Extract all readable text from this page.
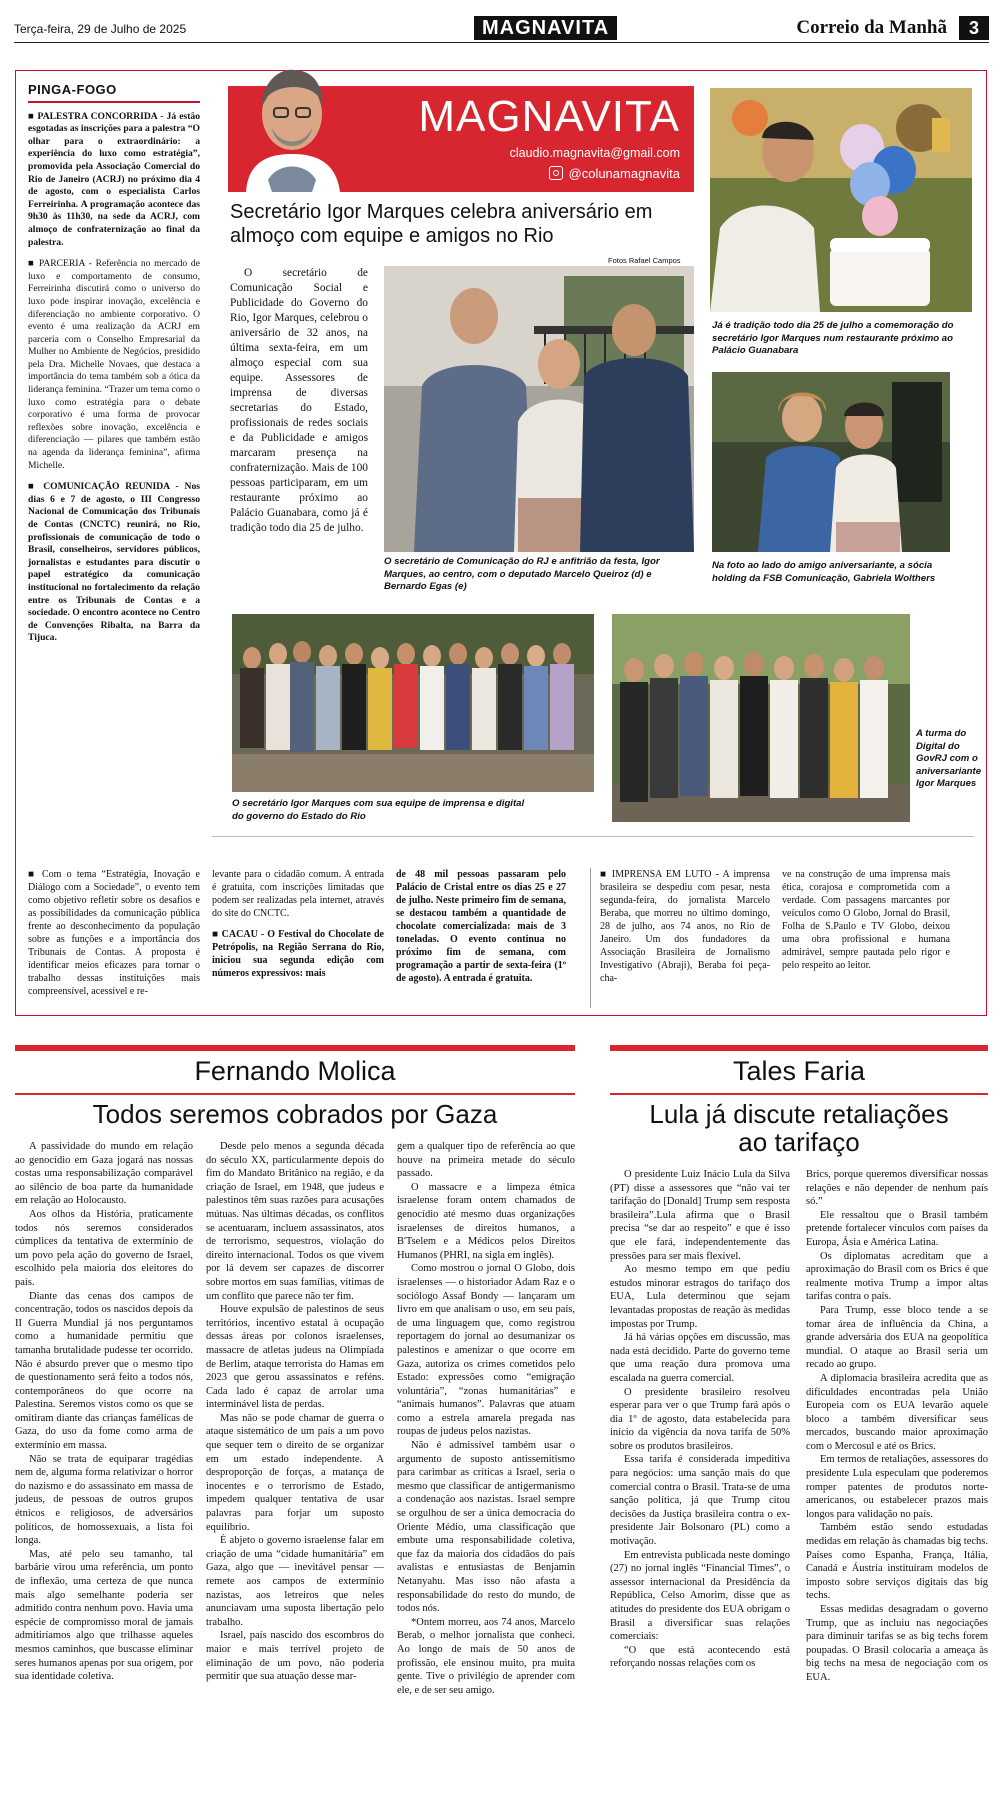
Terça-feira, 29 de Julho de 2025	MAGNAVITA	Correio da Manhã	3
PINGA-FOGO

■ PALESTRA CONCORRIDA - Já estão esgotadas as inscrições para a palestra “O olhar para o extraordinário: a experiência do luxo como estratégia”, promovida pela Associação Comercial do Rio de Janeiro (ACRJ) no próximo dia 4 de agosto, com o especialista Carlos Ferreirinha. A programação acontece das 9h30 às 11h30, na sede da ACRJ, com almoço de confraternização ao final da palestra.

■ PARCERIA - Referência no mercado de luxo e comportamento de consumo, Ferreirinha discutirá como o universo do luxo pode inspirar inovação, excelência e diferenciação no ambiente corporativo. O evento é uma realização da ACRJ em parceria com o Conselho Empresarial da Mulher no Ambiente de Negócios, presidido pela Dra. Michelle Novaes, que destaca a importância do tema também sob a ótica da liderança feminina. “Trazer um tema como o luxo como estratégia para o debate corporativo é uma forma de provocar reflexões sobre inovação, excelência e diferenciação — pilares que também estão na agenda da liderança feminina”, afirma Michelle.

■ COMUNICAÇÃO REUNIDA - Nos dias 6 e 7 de agosto, o III Congresso Nacional de Comunicação dos Tribunais de Contas (CNCTC) reunirá, no Rio, profissionais de comunicação de todo o Brasil, conselheiros, servidores públicos, jornalistas e estudantes para discutir o papel estratégico da comunicação institucional no fortalecimento da relação entre os Tribunais de Contas e a sociedade. O encontro acontece no Centro de Convenções Ribalta, na Barra da Tijuca.

MAGNAVITA
claudio.magnavita@gmail.com
@colunamagnavita
Secretário Igor Marques celebra aniversário em almoço com equipe e amigos no Rio
Fotos Rafael Campos
O secretário de Comunicação Social e Publicidade do Governo do Rio, Igor Marques, celebrou o aniversário de 32 anos, na última sexta-feira, em um almoço especial com sua equipe. Assessores de imprensa de diversas secretarias do Estado, profissionais de redes sociais e da Publicidade e amigos marcaram presença na confraternização. Mais de 100 pessoas participaram, em um restaurante próximo ao Palácio Guanabara, como já é tradição todo dia 25 de julho.
O secretário de Comunicação do RJ e anfitrião da festa, Igor Marques, ao centro, com o deputado Marcelo Queiroz (d) e Bernardo Egas (e)
Já é tradição todo dia 25 de julho a comemoração do secretário Igor Marques num restaurante próximo ao Palácio Guanabara
Na foto ao lado do amigo aniversariante, a sócia holding da FSB Comunicação, Gabriela Wolthers
O secretário Igor Marques com sua equipe de imprensa e digital do governo do Estado do Rio
A turma do Digital do GovRJ com o aniversariante Igor Marques

■ Com o tema “Estratégia, Inovação e Diálogo com a Sociedade”, o evento tem como objetivo refletir sobre os desafios e as possibilidades da comunicação pública frente ao desconhecimento da população sobre as funções e a importância dos Tribunais de Contas. A proposta é identificar meios eficazes para tornar o trabalho dessas instituições mais compreensível, acessível e re-

levante para o cidadão comum. A entrada é gratuita, com inscrições limitadas que podem ser realizadas pela internet, através do site do CNCTC.

■ CACAU - O Festival do Chocolate de Petrópolis, na Região Serrana do Rio, iniciou sua segunda edição com números expressivos: mais

de 48 mil pessoas passaram pelo Palácio de Cristal entre os dias 25 e 27 de julho. Neste primeiro fim de semana, se destacou também a quantidade de chocolate comercializada: mais de 3 toneladas. O evento continua no próximo fim de semana, com programação a partir de sexta-feira (1º de agosto). A entrada é gratuita.

■ IMPRENSA EM LUTO - A imprensa brasileira se despediu com pesar, nesta segunda-feira, do jornalista Marcelo Beraba, que morreu no último domingo, 28 de julho, aos 74 anos, no Rio de Janeiro. Um dos fundadores da Associação Brasileira de Jornalismo Investigativo (Abraji), Beraba foi peça-cha-

ve na construção de uma imprensa mais ética, corajosa e comprometida com a verdade. Com passagens marcantes por veículos como O Globo, Jornal do Brasil, Folha de S.Paulo e TV Globo, deixou uma obra profissional e humana admirável, sempre pautada pelo rigor e pelo respeito ao leitor.

Fernando Molica
Todos seremos cobrados por Gaza

A passividade do mundo em relação ao genocídio em Gaza jogará nas nossas costas uma responsabilização comparável ao silêncio de boa parte da humanidade em relação ao Holocausto.

Aos olhos da História, praticamente todos nós seremos considerados cúmplices da tentativa de extermínio de um povo pela ação do governo de Israel, escolhido pela maioria dos eleitores do país.

Diante das cenas dos campos de concentração, todos os nascidos depois da II Guerra Mundial já nos perguntamos como a humanidade permitiu que tamanha brutalidade pudesse ter ocorrido. Não é absurdo prever que o mesmo tipo de questionamento será feito a todos nós, contemporâneos do que ocorre na Palestina. Seremos vistos como os que se omitiram diante das crianças famélicas de Gaza, do uso da fome como arma de extermínio em massa.

Não se trata de equiparar tragédias nem de, alguma forma relativizar o horror do nazismo e do assassinato em massa de judeus, de pessoas de outros grupos étnicos e religiosos, de adversários políticos, de homossexuais, a lista foi longa.

Mas, até pelo seu tamanho, tal barbárie virou uma referência, um ponto de inflexão, uma certeza de que nunca mais algo semelhante poderia ser admitido contra nenhum povo. Havia uma espécie de compromisso moral de jamais admitiríamos algo que trilhasse aqueles mesmos caminhos, que buscasse eliminar seres humanos apenas por sua origem, por sua identidade coletiva.

Desde pelo menos a segunda década do século XX, particularmente depois do fim do Mandato Britânico na região, e da criação de Israel, em 1948, que judeus e palestinos têm suas razões para acusações mútuas. Nas últimas décadas, os conflitos se acentuaram, incluem assassinatos, atos de terrorismo, sequestros, violação do direito internacional. Todos os que vivem por lá devem ser capazes de discorrer sobre mortos em suas famílias, vítimas de um conflito que parece não ter fim.

Houve expulsão de palestinos de seus territórios, incentivo estatal à ocupação dessas áreas por colonos israelenses, massacre de atletas judeus na Olimpíada de Berlim, ataque terrorista do Hamas em 2023 que gerou assassinatos e reféns. Cada lado é capaz de arrolar uma interminável lista de perdas.

Mas não se pode chamar de guerra o ataque sistemático de um país a um povo que sequer tem o direito de se organizar em um estado independente. A desproporção de forças, a matança de inocentes e o terrorismo de Estado, impedem qualquer tentativa de usar palavras para forjar um suposto equilíbrio.

É abjeto o governo israelense falar em criação de uma “cidade humanitária” em Gaza, algo que — inevitável pensar — remete aos campos de extermínio nazistas, aos letreiros que neles anunciavam uma suposta libertação pelo trabalho.

Israel, país nascido dos escombros do maior e mais terrível projeto de eliminação de um povo, não poderia permitir que sua atuação desse mar-

gem a qualquer tipo de referência ao que houve na primeira metade do século passado.

O massacre e a limpeza étnica israelense foram ontem chamados de genocídio até mesmo duas organizações israelenses de direitos humanos, a B'Tselem e a Médicos pelos Direitos Humanos (PHRI, na sigla em inglês).

Como mostrou o jornal O Globo, dois israelenses — o historiador Adam Raz e o sociólogo Assaf Bondy — lançaram um livro em que analisam o uso, em seu país, de uma linguagem que, como registrou reportagem do jornal ao desumanizar os palestinos e amenizar o que ocorre em Gaza, autoriza os crimes cometidos pelo Estado: expressões como “emigração voluntária”, “zonas humanitárias” e “animais humanos”. Palavras que atuam como a estrela amarela pregada nas roupas de judeus pelos nazistas.

Não é admissível também usar o argumento de suposto antissemitismo para carimbar as críticas a Israel, seria o mesmo que classificar de antigermanismo a condenação aos nazistas. Israel sempre se orgulhou de ser a única democracia do Oriente Médio, uma classificação que embute uma responsabilidade coletiva, que faz da maioria dos cidadãos do país avalistas e entusiastas de Benjamin Netanyahu. Mas isso não afasta a responsabilidade do resto do mundo, de todos nós.

*Ontem morreu, aos 74 anos, Marcelo Berab, o melhor jornalista que conheci. Ao longo de mais de 50 anos de profissão, ele ensinou muito, pra muita gente. Tive o privilégio de aprender com ele, e de ser seu amigo.

Tales Faria
Lula já discute retaliações ao tarifaço

O presidente Luiz Inácio Lula da Silva (PT) disse a assessores que “não vai ter tarifação do [Donald] Trump sem resposta brasileira”.Lula afirma que o Brasil precisa “se dar ao respeito” e que é isso que ele fará, independentemente das pressões para ser mais flexível.

Ao mesmo tempo em que pediu estudos minorar estragos do tarifaço dos EUA, Lula determinou que sejam levantadas propostas de reação às medidas impostas por Trump.

Já há várias opções em discussão, mas nada está decidido. Parte do governo teme que uma reação dura promova uma escalada na guerra comercial.

O presidente brasileiro resolveu esperar para ver o que Trump fará após o dia 1º de agosto, data estabelecida para início da vigência da nova tarifa de 50% sobre os produtos brasileiros.

Essa tarifa é considerada impeditiva para negócios: uma sanção mais do que comercial contra o Brasil. Trata-se de uma sanção política, já que Trump citou decisões da Justiça brasileira contra o ex-presidente Jair Bolsonaro (PL) como a motivação.

Em entrevista publicada neste domingo (27) no jornal inglês “Financial Times”, o assessor internacional da Presidência da República, Celso Amorim, disse que as atitudes do presidente dos EUA obrigam o Brasil a diversificar suas relações comerciais:

“O que está acontecendo está reforçando nossas relações com os

Brics, porque queremos diversificar nossas relações e não depender de nenhum país só.”

Ele ressaltou que o Brasil também pretende fortalecer vínculos com países da Europa, Ásia e América Latina.

Os diplomatas acreditam que a aproximação do Brasil com os Brics é que realmente motiva Trump a impor altas tarifas contra o país.

Para Trump, esse bloco tende a se tomar área de influência da China, a grande adversária dos EUA na geopolítica mundial. O ataque ao Brasil seria um recado ao grupo.

A diplomacia brasileira acredita que as dificuldades encontradas pela União Europeia com os EUA levarão aquele bloco a também diversificar seus mercados, buscando maior aproximação com o Mercosul e até os Brics.

Em termos de retaliações, assessores do presidente Lula especulam que poderemos romper patentes de produtos norte-americanos, ou estabelecer prazos mais longos para validação no país.

Também estão sendo estudadas medidas em relação às chamadas big techs. Países como Espanha, França, Itália, Canadá e Áustria instituíram modelos de imposto sobre serviços digitais das big techs.

Essas medidas desagradam o governo Trump, que as incluiu nas negociações para diminuir tarifas se as big techs forem poupadas. O Brasil colocaria a ameaça às big techs na mesa de negociação com os EUA.
